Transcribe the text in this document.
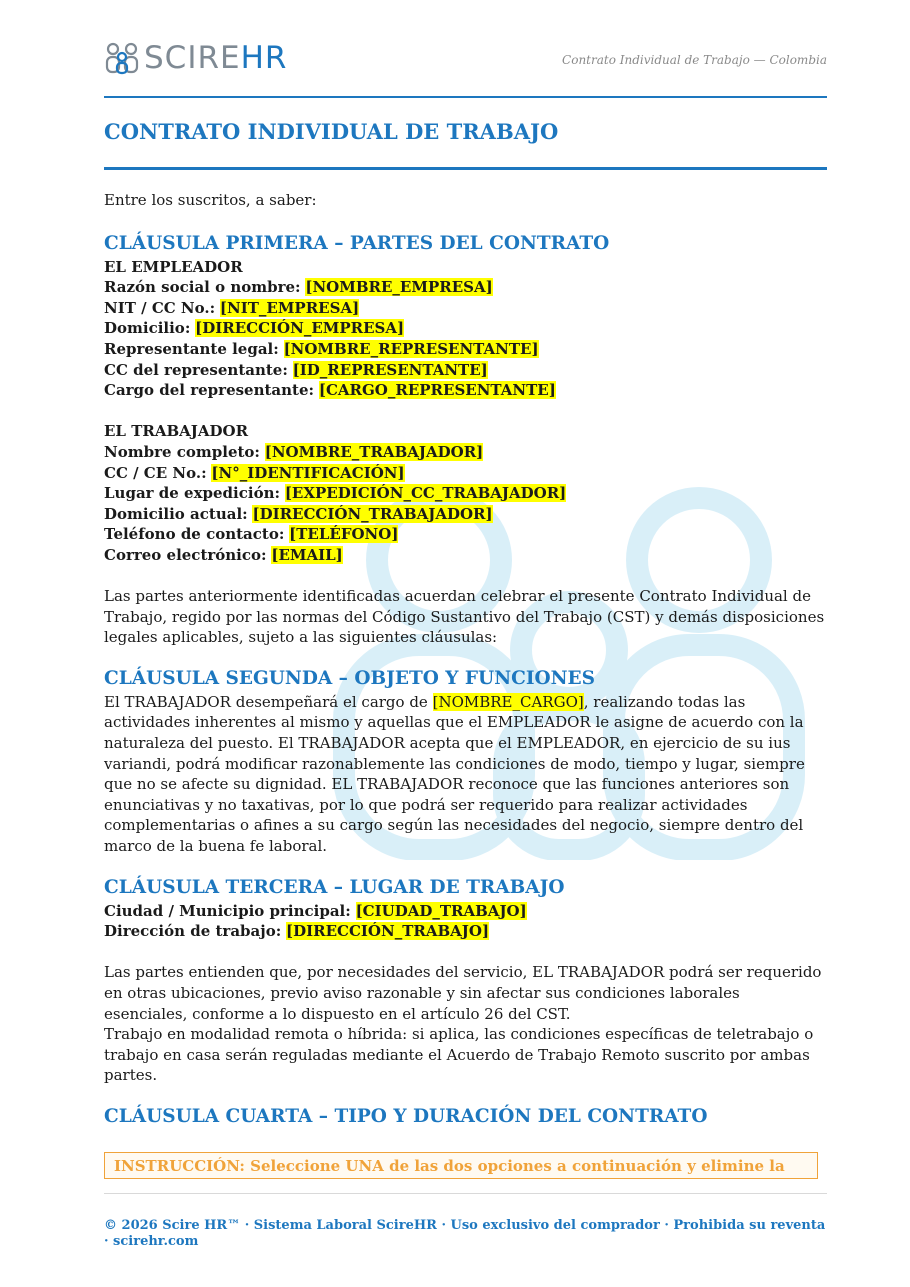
SCIREHR	Contrato Individual de Trabajo — Colombia
CONTRATO INDIVIDUAL DE TRABAJO

Entre los suscritos, a saber:

CLÁUSULA PRIMERA – PARTES DEL CONTRATO

EL EMPLEADOR

Razón social o nombre: [NOMBRE_EMPRESA]

NIT / CC No.: [NIT_EMPRESA]

Domicilio: [DIRECCIÓN_EMPRESA]

Representante legal: [NOMBRE_REPRESENTANTE]

CC del representante: [ID_REPRESENTANTE]

Cargo del representante: [CARGO_REPRESENTANTE]

EL TRABAJADOR

Nombre completo: [NOMBRE_TRABAJADOR]

CC / CE No.: [N°_IDENTIFICACIÓN]

Lugar de expedición: [EXPEDICIÓN_CC_TRABAJADOR]

Domicilio actual: [DIRECCIÓN_TRABAJADOR]

Teléfono de contacto: [TELÉFONO]

Correo electrónico: [EMAIL]

Las partes anteriormente identificadas acuerdan celebrar el presente Contrato Individual de Trabajo, regido por las normas del Código Sustantivo del Trabajo (CST) y demás disposiciones legales aplicables, sujeto a las siguientes cláusulas:

CLÁUSULA SEGUNDA – OBJETO Y FUNCIONES

El TRABAJADOR desempeñará el cargo de [NOMBRE_CARGO], realizando todas las actividades inherentes al mismo y aquellas que el EMPLEADOR le asigne de acuerdo con la naturaleza del puesto. El TRABAJADOR acepta que el EMPLEADOR, en ejercicio de su ius variandi, podrá modificar razonablemente las condiciones de modo, tiempo y lugar, siempre que no se afecte su dignidad. EL TRABAJADOR reconoce que las funciones anteriores son enunciativas y no taxativas, por lo que podrá ser requerido para realizar actividades complementarias o afines a su cargo según las necesidades del negocio, siempre dentro del marco de la buena fe laboral.

CLÁUSULA TERCERA – LUGAR DE TRABAJO

Ciudad / Municipio principal: [CIUDAD_TRABAJO]

Dirección de trabajo: [DIRECCIÓN_TRABAJO]

Las partes entienden que, por necesidades del servicio, EL TRABAJADOR podrá ser requerido en otras ubicaciones, previo aviso razonable y sin afectar sus condiciones laborales esenciales, conforme a lo dispuesto en el artículo 26 del CST.

Trabajo en modalidad remota o híbrida: si aplica, las condiciones específicas de teletrabajo o trabajo en casa serán reguladas mediante el Acuerdo de Trabajo Remoto suscrito por ambas partes.

CLÁUSULA CUARTA – TIPO Y DURACIÓN DEL CONTRATO
INSTRUCCIÓN: Seleccione UNA de las dos opciones a continuación y elimine la
© 2026 Scire HR™ · Sistema Laboral ScireHR · Uso exclusivo del comprador · Prohibida su reventa · scirehr.com
